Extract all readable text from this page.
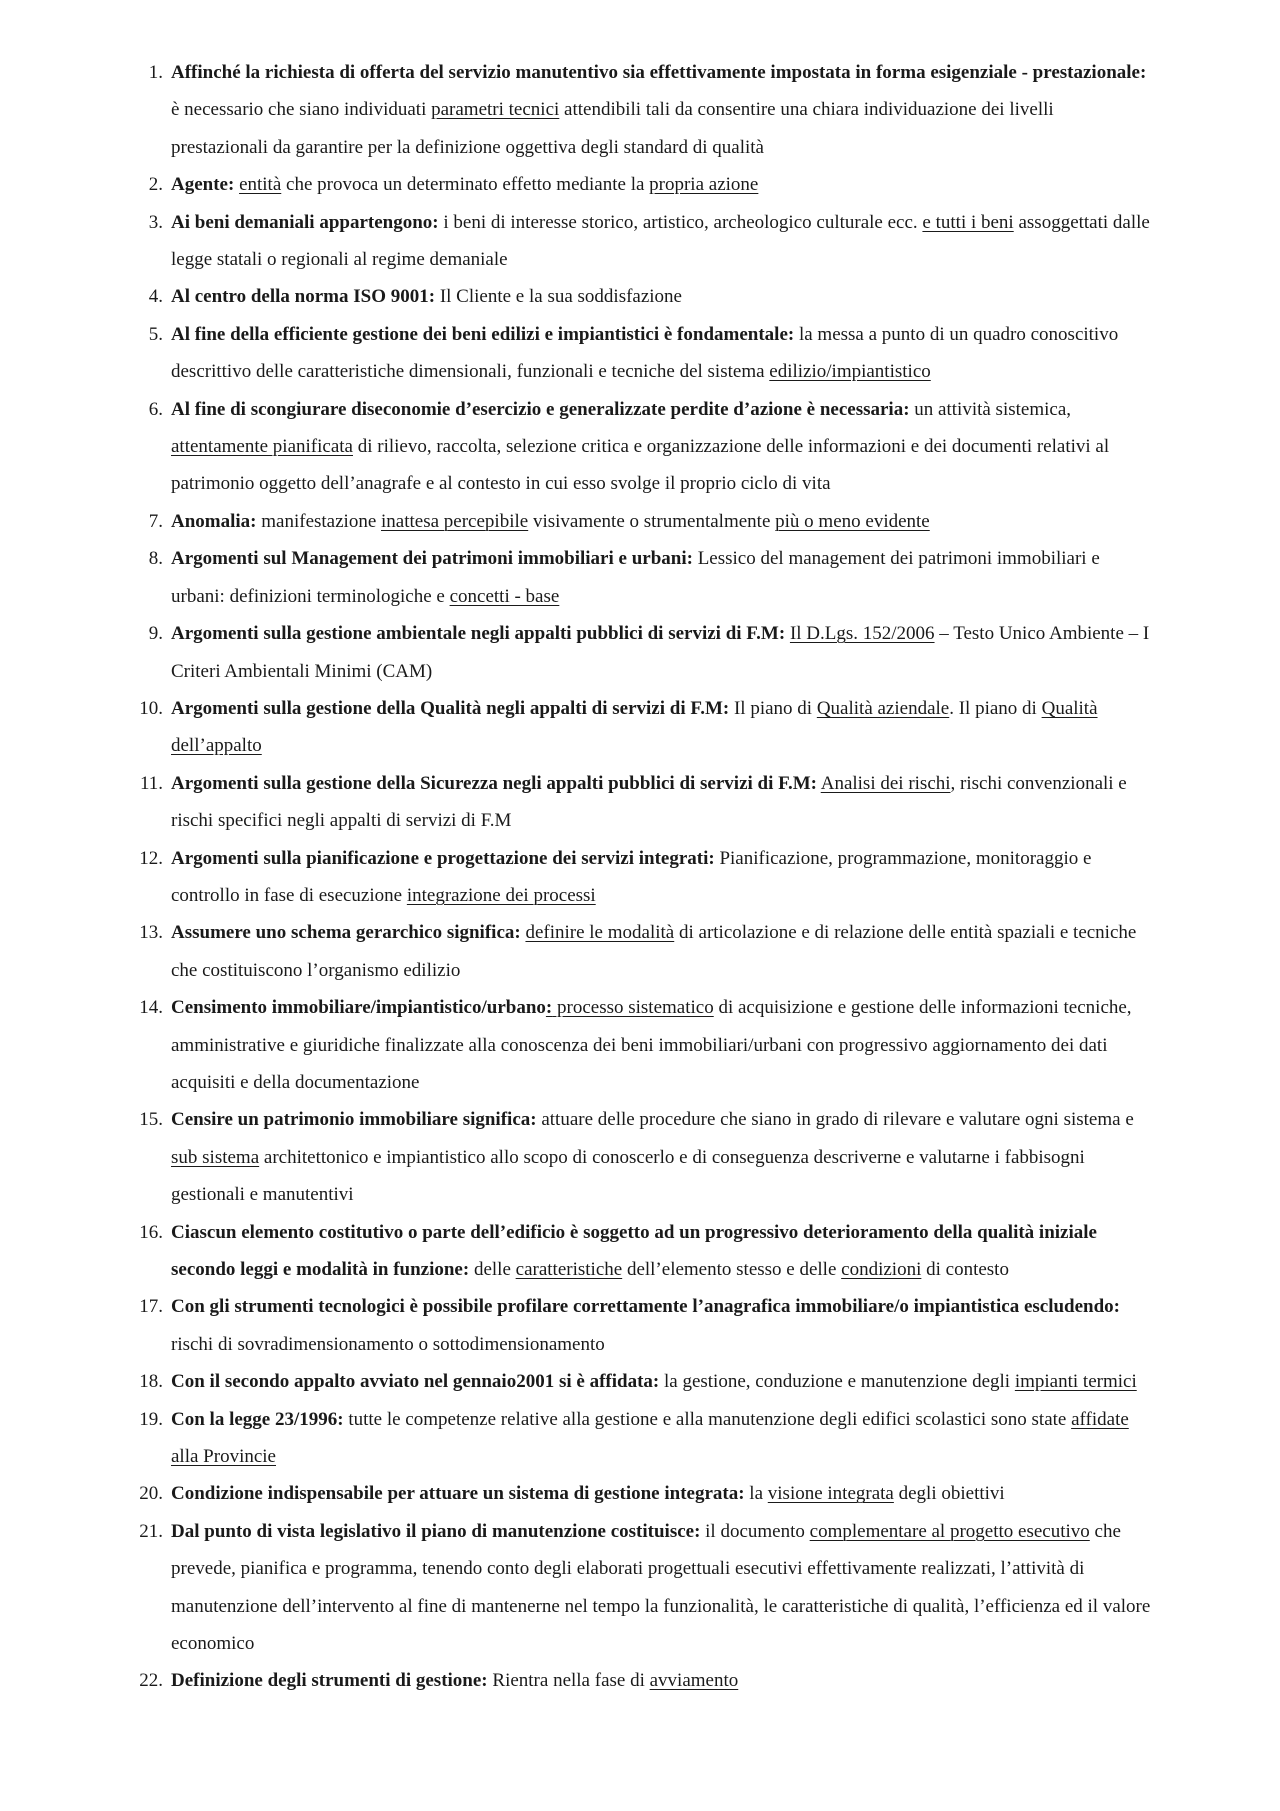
1. Affinché la richiesta di offerta del servizio manutentivo sia effettivamente impostata in forma esigenziale - prestazionale: è necessario che siano individuati parametri tecnici attendibili tali da consentire una chiara individuazione dei livelli prestazionali da garantire per la definizione oggettiva degli standard di qualità
2. Agente: entità che provoca un determinato effetto mediante la propria azione
3. Ai beni demaniali appartengono: i beni di interesse storico, artistico, archeologico culturale ecc. e tutti i beni assoggettati dalle legge statali o regionali al regime demaniale
4. Al centro della norma ISO 9001: Il Cliente e la sua soddisfazione
5. Al fine della efficiente gestione dei beni edilizi e impiantistici è fondamentale: la messa a punto di un quadro conoscitivo descrittivo delle caratteristiche dimensionali, funzionali e tecniche del sistema edilizio/impiantistico
6. Al fine di scongiurare diseconomie d’esercizio e generalizzate perdite d’azione è necessaria: un attività sistemica, attentamente pianificata di rilievo, raccolta, selezione critica e organizzazione delle informazioni e dei documenti relativi al patrimonio oggetto dell’anagrafe e al contesto in cui esso svolge il proprio ciclo di vita
7. Anomalia: manifestazione inattesa percepibile visivamente o strumentalmente più o meno evidente
8. Argomenti sul Management dei patrimoni immobiliari e urbani: Lessico del management dei patrimoni immobiliari e urbani: definizioni terminologiche e concetti - base
9. Argomenti sulla gestione ambientale negli appalti pubblici di servizi di F.M: Il D.Lgs. 152/2006 – Testo Unico Ambiente – I Criteri Ambientali Minimi (CAM)
10. Argomenti sulla gestione della Qualità negli appalti di servizi di F.M: Il piano di Qualità aziendale. Il piano di Qualità dell’appalto
11. Argomenti sulla gestione della Sicurezza negli appalti pubblici di servizi di F.M: Analisi dei rischi, rischi convenzionali e rischi specifici negli appalti di servizi di F.M
12. Argomenti sulla pianificazione e progettazione dei servizi integrati: Pianificazione, programmazione, monitoraggio e controllo in fase di esecuzione integrazione dei processi
13. Assumere uno schema gerarchico significa: definire le modalità di articolazione e di relazione delle entità spaziali e tecniche che costituiscono l’organismo edilizio
14. Censimento immobiliare/impiantistico/urbano: processo sistematico di acquisizione e gestione delle informazioni tecniche, amministrative e giuridiche finalizzate alla conoscenza dei beni immobiliari/urbani con progressivo aggiornamento dei dati acquisiti e della documentazione
15. Censire un patrimonio immobiliare significa: attuare delle procedure che siano in grado di rilevare e valutare ogni sistema e sub sistema architettonico e impiantistico allo scopo di conoscerlo e di conseguenza descriverne e valutarne i fabbisogni gestionali e manutentivi
16. Ciascun elemento costitutivo o parte dell’edificio è soggetto ad un progressivo deterioramento della qualità iniziale secondo leggi e modalità in funzione: delle caratteristiche dell’elemento stesso e delle condizioni di contesto
17. Con gli strumenti tecnologici è possibile profilare correttamente l’anagrafica immobiliare/o impiantistica escludendo: rischi di sovradimensionamento o sottodimensionamento
18. Con il secondo appalto avviato nel gennaio2001 si è affidata: la gestione, conduzione e manutenzione degli impianti termici
19. Con la legge 23/1996: tutte le competenze relative alla gestione e alla manutenzione degli edifici scolastici sono state affidate alla Provincie
20. Condizione indispensabile per attuare un sistema di gestione integrata: la visione integrata degli obiettivi
21. Dal punto di vista legislativo il piano di manutenzione costituisce: il documento complementare al progetto esecutivo che prevede, pianifica e programma, tenendo conto degli elaborati progettuali esecutivi effettivamente realizzati, l’attività di manutenzione dell’intervento al fine di mantenerne nel tempo la funzionalità, le caratteristiche di qualità, l’efficienza ed il valore economico
22. Definizione degli strumenti di gestione: Rientra nella fase di avviamento
